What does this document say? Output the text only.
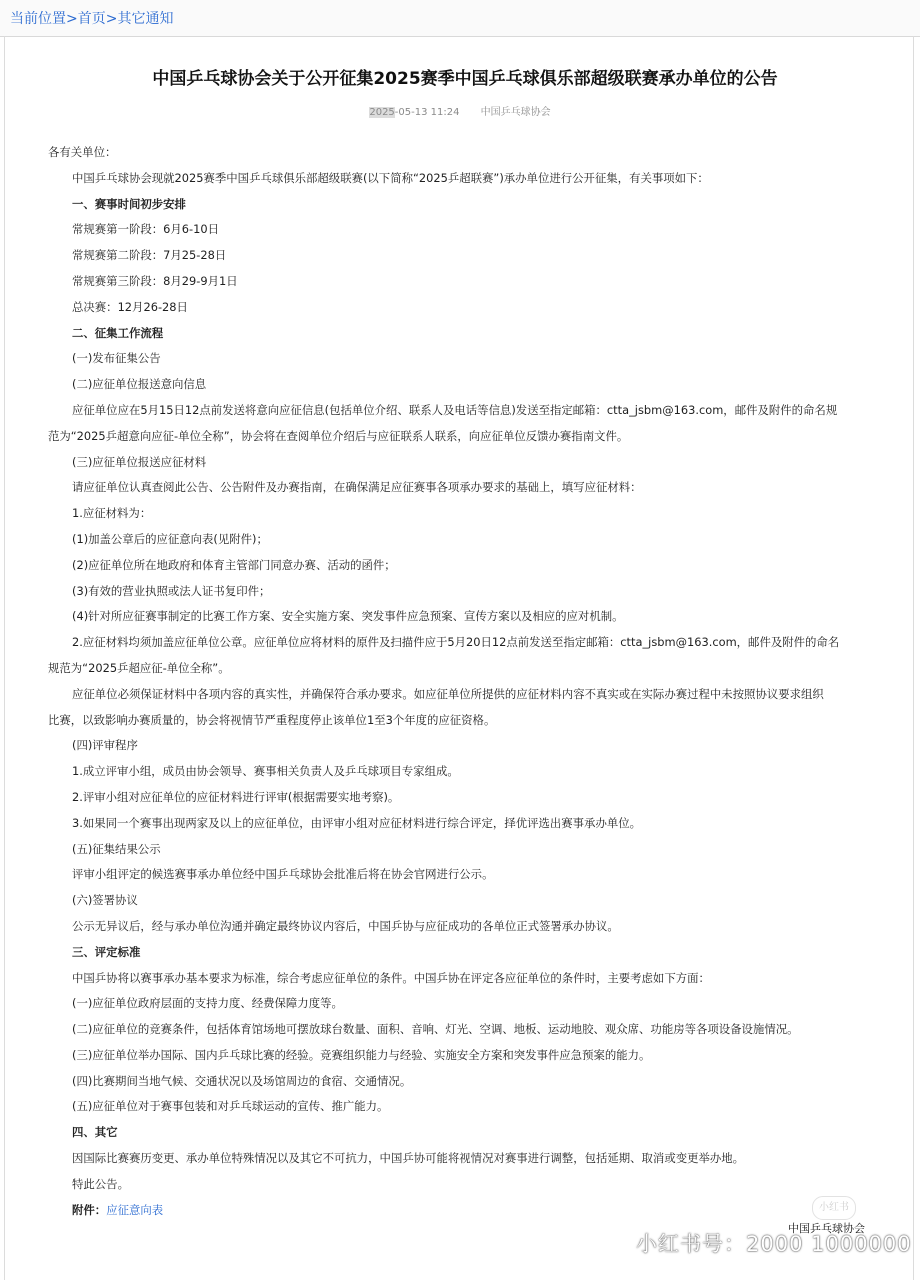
当前位置>首页>其它通知
中国乒乓球协会关于公开征集2025赛季中国乒乓球俱乐部超级联赛承办单位的公告
2025-05-13 11:24 中国乒乓球协会
各有关单位：
中国乒乓球协会现就2025赛季中国乒乓球俱乐部超级联赛(以下简称“2025乒超联赛”)承办单位进行公开征集，有关事项如下：
一、赛事时间初步安排
常规赛第一阶段：6月6-10日
常规赛第二阶段：7月25-28日
常规赛第三阶段：8月29-9月1日
总决赛：12月26-28日
二、征集工作流程
(一)发布征集公告
(二)应征单位报送意向信息
应征单位应在5月15日12点前发送将意向应征信息(包括单位介绍、联系人及电话等信息)发送至指定邮箱：ctta_jsbm@163.com，邮件及附件的命名规
范为“2025乒超意向应征-单位全称”，协会将在查阅单位介绍后与应征联系人联系，向应征单位反馈办赛指南文件。
(三)应征单位报送应征材料
请应征单位认真查阅此公告、公告附件及办赛指南，在确保满足应征赛事各项承办要求的基础上，填写应征材料：
1.应征材料为：
(1)加盖公章后的应征意向表(见附件)；
(2)应征单位所在地政府和体育主管部门同意办赛、活动的函件；
(3)有效的营业执照或法人证书复印件；
(4)针对所应征赛事制定的比赛工作方案、安全实施方案、突发事件应急预案、宣传方案以及相应的应对机制。
2.应征材料均须加盖应征单位公章。应征单位应将材料的原件及扫描件应于5月20日12点前发送至指定邮箱：ctta_jsbm@163.com，邮件及附件的命名
规范为“2025乒超应征-单位全称”。
应征单位必须保证材料中各项内容的真实性，并确保符合承办要求。如应征单位所提供的应征材料内容不真实或在实际办赛过程中未按照协议要求组织
比赛，以致影响办赛质量的，协会将视情节严重程度停止该单位1至3个年度的应征资格。
(四)评审程序
1.成立评审小组，成员由协会领导、赛事相关负责人及乒乓球项目专家组成。
2.评审小组对应征单位的应征材料进行评审(根据需要实地考察)。
3.如果同一个赛事出现两家及以上的应征单位，由评审小组对应征材料进行综合评定，择优评选出赛事承办单位。
(五)征集结果公示
评审小组评定的候选赛事承办单位经中国乒乓球协会批准后将在协会官网进行公示。
(六)签署协议
公示无异议后，经与承办单位沟通并确定最终协议内容后，中国乒协与应征成功的各单位正式签署承办协议。
三、评定标准
中国乒协将以赛事承办基本要求为标准，综合考虑应征单位的条件。中国乒协在评定各应征单位的条件时，主要考虑如下方面：
(一)应征单位政府层面的支持力度、经费保障力度等。
(二)应征单位的竞赛条件，包括体育馆场地可摆放球台数量、面积、音响、灯光、空调、地板、运动地胶、观众席、功能房等各项设备设施情况。
(三)应征单位举办国际、国内乒乓球比赛的经验。竞赛组织能力与经验、实施安全方案和突发事件应急预案的能力。
(四)比赛期间当地气候、交通状况以及场馆周边的食宿、交通情况。
(五)应征单位对于赛事包装和对乒乓球运动的宣传、推广能力。
四、其它
因国际比赛赛历变更、承办单位特殊情况以及其它不可抗力，中国乒协可能将视情况对赛事进行调整，包括延期、取消或变更举办地。
特此公告。
附件：应征意向表	小红书
中国乒乓球协会
小红书号：2000 1000000
